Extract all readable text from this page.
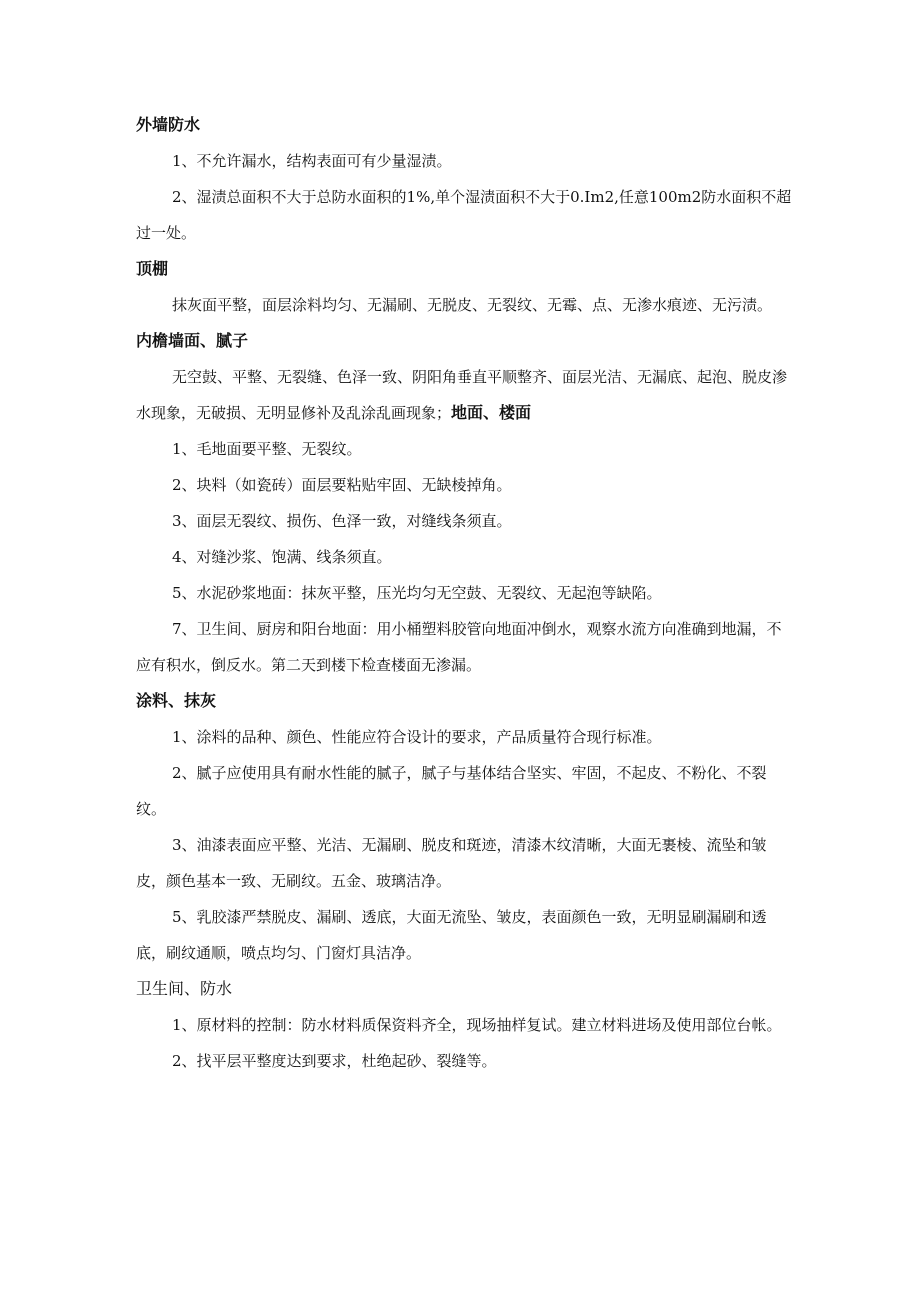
外墙防水

1、不允许漏水，结构表面可有少量湿渍。

2、湿渍总面积不大于总防水面积的1%,单个湿渍面积不大于0.Im2,任意100m2防水面积不超过一处。

顶棚

抹灰面平整，面层涂料均匀、无漏刷、无脱皮、无裂纹、无霉、点、无渗水痕迹、无污渍。

内檐墙面、腻子

无空鼓、平整、无裂缝、色泽一致、阴阳角垂直平顺整齐、面层光洁、无漏底、起泡、脱皮渗水现象，无破损、无明显修补及乱涂乱画现象；地面、楼面

1、毛地面要平整、无裂纹。

2、块料（如瓷砖）面层要粘贴牢固、无缺棱掉角。

3、面层无裂纹、损伤、色泽一致，对缝线条须直。

4、对缝沙浆、饱满、线条须直。

5、水泥砂浆地面：抹灰平整，压光均匀无空鼓、无裂纹、无起泡等缺陷。

7、卫生间、厨房和阳台地面：用小桶塑料胶管向地面冲倒水，观察水流方向准确到地漏，不应有积水，倒反水。第二天到楼下检查楼面无渗漏。

涂料、抹灰

1、涂料的品种、颜色、性能应符合设计的要求，产品质量符合现行标准。

2、腻子应使用具有耐水性能的腻子，腻子与基体结合坚实、牢固，不起皮、不粉化、不裂纹。

3、油漆表面应平整、光洁、无漏刷、脱皮和斑迹，清漆木纹清晰，大面无裹棱、流坠和皱皮，颜色基本一致、无刷纹。五金、玻璃洁净。

5、乳胶漆严禁脱皮、漏刷、透底，大面无流坠、皱皮，表面颜色一致，无明显刷漏刷和透底，刷纹通顺，喷点均匀、门窗灯具洁净。

卫生间、防水

1、原材料的控制：防水材料质保资料齐全，现场抽样复试。建立材料进场及使用部位台帐。

2、找平层平整度达到要求，杜绝起砂、裂缝等。
